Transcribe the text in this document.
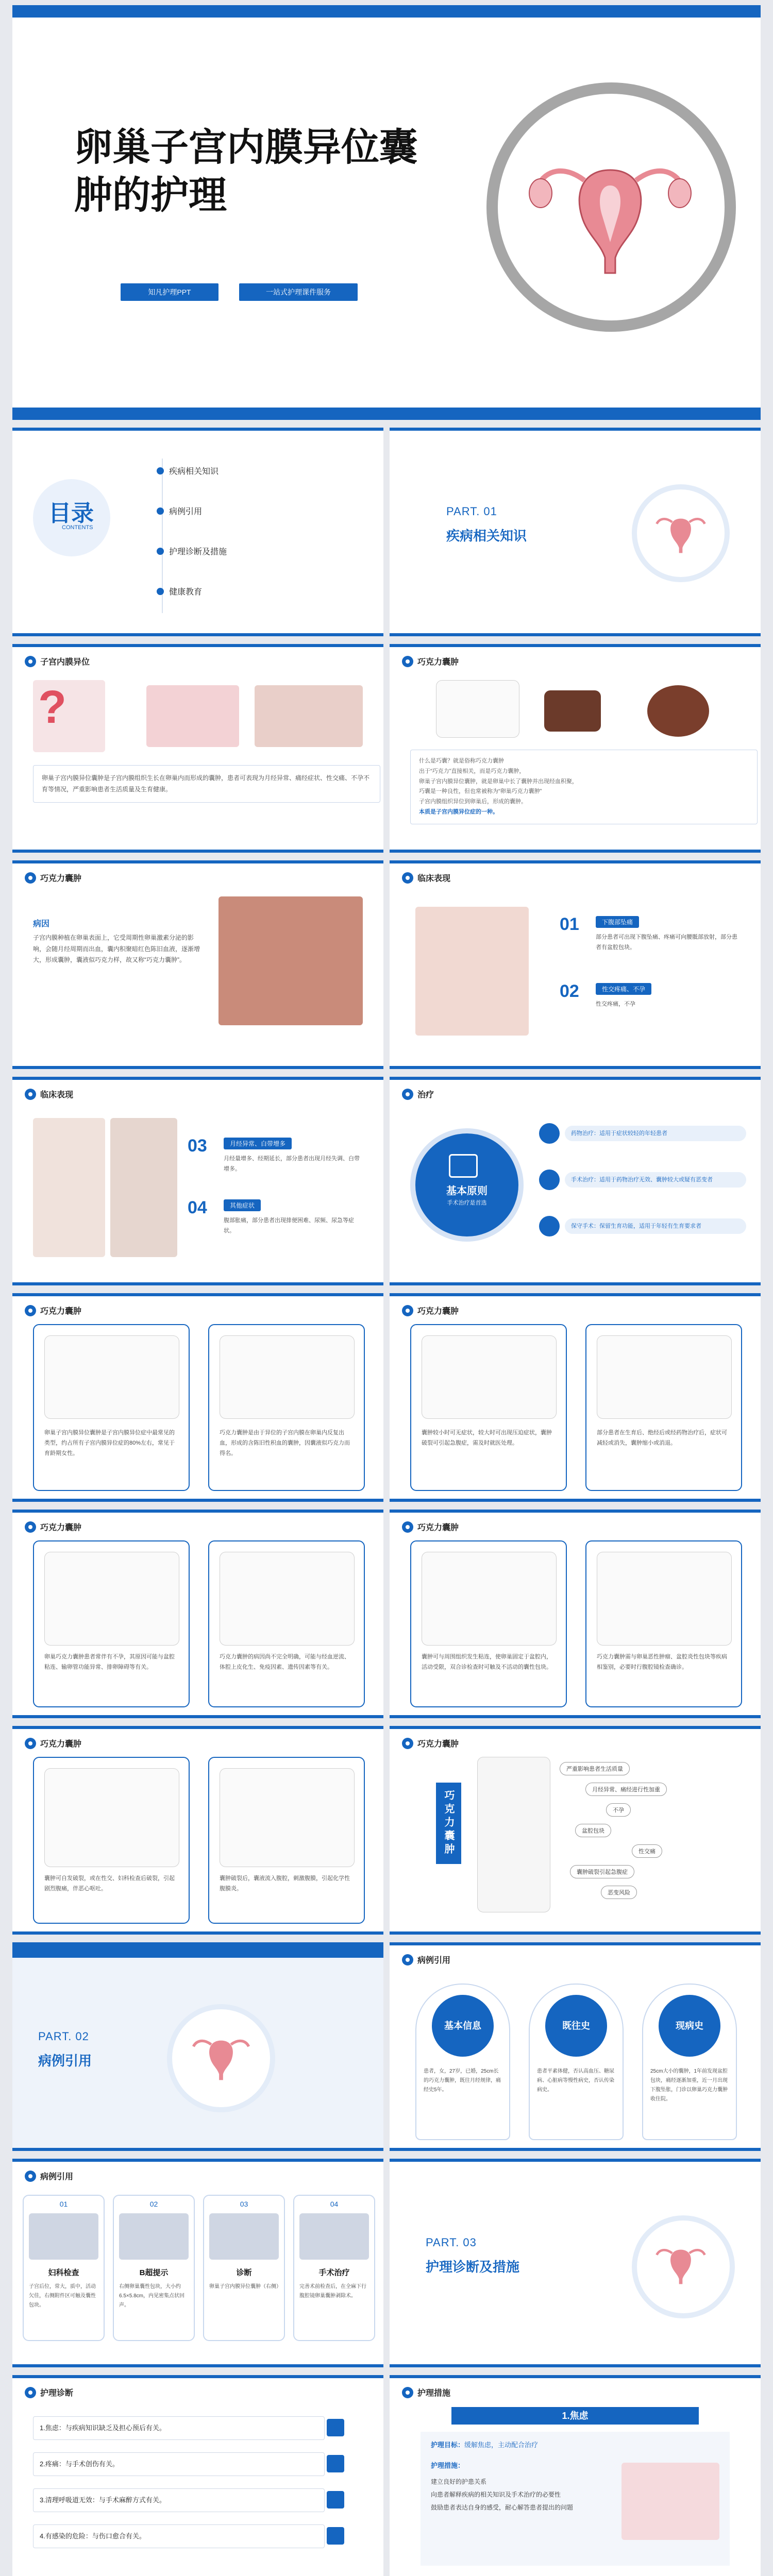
卵巢子宫内膜异位囊
肿的护理
知凡护理PPT	一站式护理课件服务
目录
CONTENTS
疾病相关知识
病例引用
护理诊断及措施
健康教育
PART. 01
疾病相关知识
子宫内膜异位
?
卵巢子宫内膜异位囊肿是子宫内膜组织生长在卵巢内而形成的囊肿，患者可表现为月经异常、痛经症状、性交痛、不孕不育等情况，严重影响患者生活质量及生育健康。
巧克力囊肿
什么是巧囊？就是俗称巧克力囊肿
出于“巧克力”直接相关，而是巧克力囊肿，
卵巢子宫内膜异位囊肿，就是卵巢中长了囊肿并出现经血积聚，
巧囊是一种良性，但也常被称为“卵巢巧克力囊肿”
子宫内膜组织异位到卵巢后，形成的囊肿。
本质是子宫内膜异位症的一种。
巧克力囊肿
病因
子宫内膜种植在卵巢表面上，它受周期性卵巢激素分泌的影响，会随月经周期而出血，囊内积聚暗红色陈旧血液，逐渐增大，形成囊肿，囊液似巧克力样，故又称“巧克力囊肿”。
临床表现
01	下腹部坠痛
部分患者可出现下腹坠痛、疼痛可向腰骶部放射，部分患者有盆腔包块。
02	性交疼痛、不孕
性交疼痛，不孕
临床表现
03	月经异常、白带增多
月经量增多、经期延长，部分患者出现月经失调、白带增多。
04	其他症状
腹部胀痛，部分患者出现排便困难、尿频、尿急等症状。
治疗
基本原则
手术治疗是首选
药物治疗：适用于症状较轻的年轻患者
手术治疗：适用于药物治疗无效、囊肿较大或疑有恶变者
保守手术：保留生育功能，适用于年轻有生育要求者
巧克力囊肿
卵巢子宫内膜异位囊肿是子宫内膜异位症中最常见的类型，约占所有子宫内膜异位症的80%左右，常见于育龄期女性。
巧克力囊肿是由于异位的子宫内膜在卵巢内反复出血，形成的含陈旧性积血的囊肿，因囊液似巧克力而得名。
巧克力囊肿
囊肿较小时可无症状，较大时可出现压迫症状，囊肿破裂可引起急腹症，需及时就医处理。
部分患者在生育后、绝经后或经药物治疗后，症状可减轻或消失，囊肿缩小或消退。
巧克力囊肿
卵巢巧克力囊肿患者常伴有不孕，其原因可能与盆腔粘连、输卵管功能异常、排卵障碍等有关。
巧克力囊肿的病因尚不完全明确，可能与经血逆流、体腔上皮化生、免疫因素、遗传因素等有关。
巧克力囊肿
囊肿可与周围组织发生粘连，使卵巢固定于盆腔内，活动受限，双合诊检查时可触及不活动的囊性包块。
巧克力囊肿需与卵巢恶性肿瘤、盆腔炎性包块等疾病相鉴别，必要时行腹腔镜检查确诊。
巧克力囊肿
囊肿可自发破裂，或在性交、妇科检查后破裂，引起剧烈腹痛，伴恶心呕吐。
囊肿破裂后，囊液流入腹腔，刺激腹膜，引起化学性腹膜炎。
巧克力囊肿
巧克力囊肿
严重影响患者生活质量
月经异常、痛经进行性加重
不孕
盆腔包块
性交痛
囊肿破裂引起急腹症
恶变风险
PART. 02
病例引用
病例引用
基本信息
患者，女，27岁，已婚，25cm长的巧克力囊肿，既往月经规律，痛经史5年。
既往史
患者平素体健，否认高血压、糖尿病、心脏病等慢性病史，否认传染病史。
现病史
25cm大小的囊肿，1年前发现盆腔包块，痛经逐渐加重，近一月出现下腹坠胀，门诊以卵巢巧克力囊肿收住院。
病例引用
01
妇科检查
子宫后位，常大，质中，活动欠佳，右侧附件区可触及囊性包块。
02
B超提示
右侧卵巢囊性包块，大小约6.5×5.8cm，内见密集点状回声。
03
诊断
卵巢子宫内膜异位囊肿（右侧）
04
手术治疗
完善术前检查后，在全麻下行腹腔镜卵巢囊肿剥除术。
PART. 03
护理诊断及措施
护理诊断
1.焦虑：与疾病知识缺乏及担心预后有关。
2.疼痛：与手术创伤有关。
3.清理呼吸道无效：与手术麻醉方式有关。
4.有感染的危险：与伤口愈合有关。
护理措施
1.焦虑
护理目标：缓解焦虑，主动配合治疗
护理措施：
建立良好的护患关系
向患者解释疾病的相关知识及手术治疗的必要性
鼓励患者表达自身的感受，耐心解答患者提出的问题
